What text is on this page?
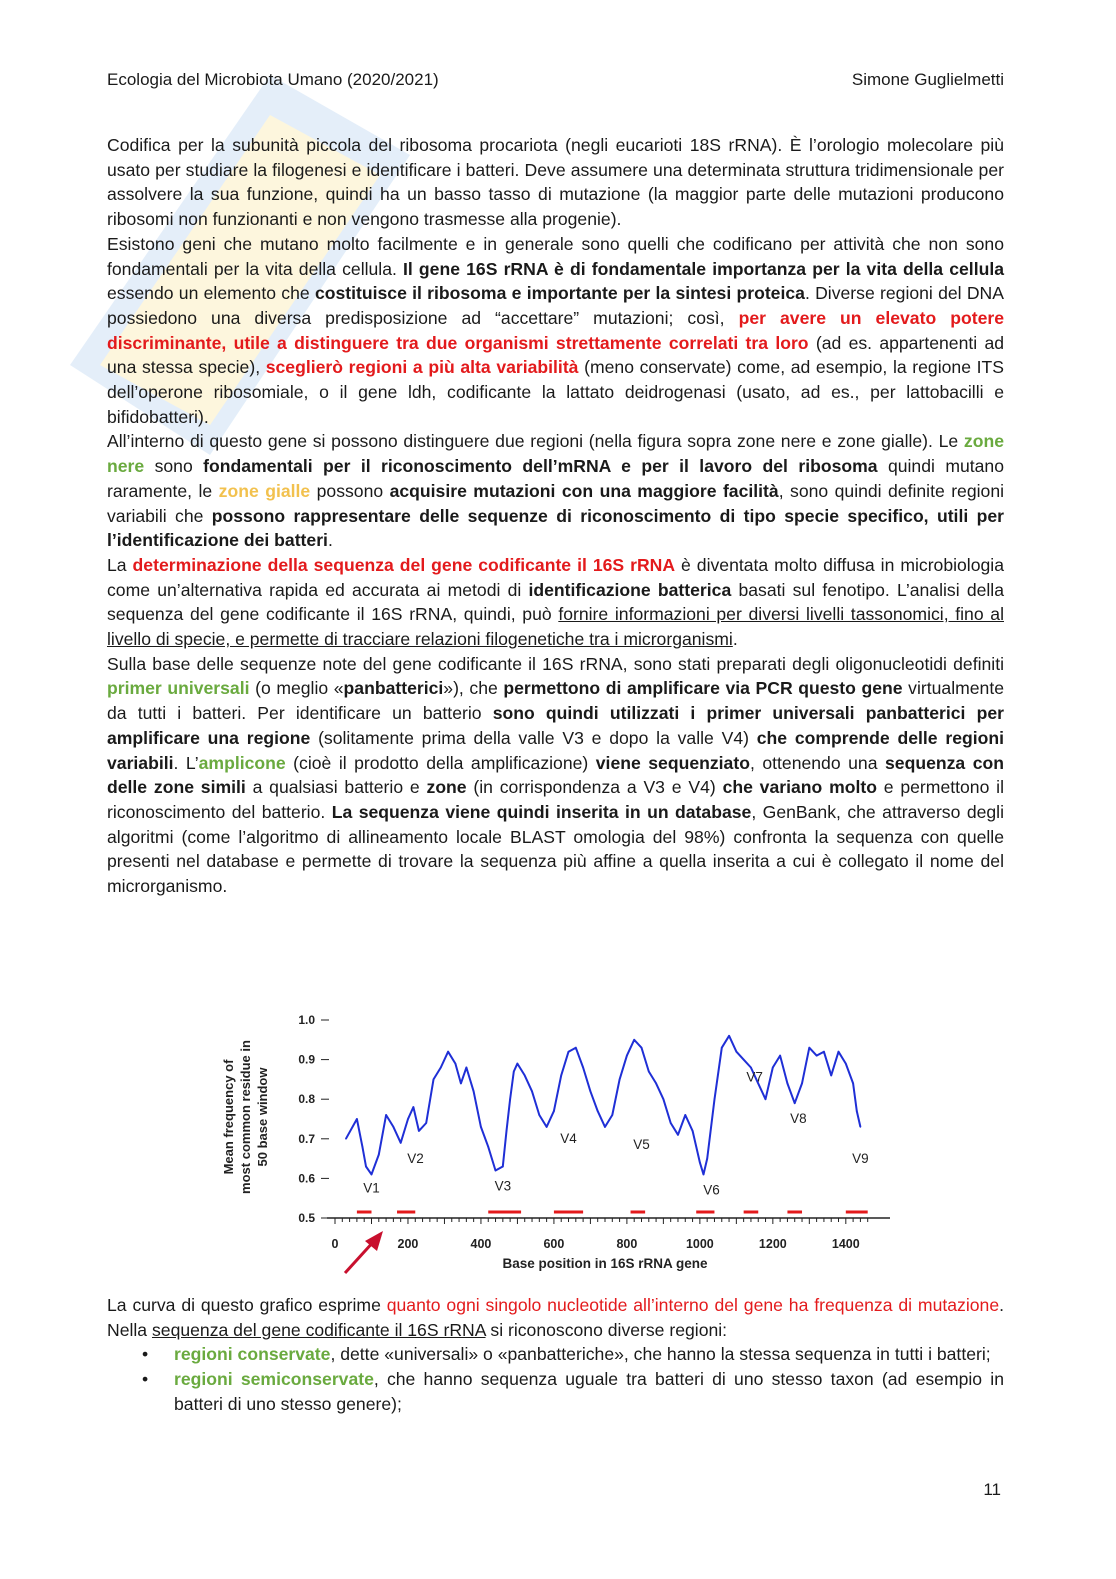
Ecologia del Microbiota Umano (2020/2021)	Simone Guglielmetti

Codifica per la subunità piccola del ribosoma procariota (negli eucarioti 18S rRNA). È l’orologio molecolare più usato per studiare la filogenesi e identificare i batteri. Deve assumere una determinata struttura tridimensionale per assolvere la sua funzione, quindi ha un basso tasso di mutazione (la maggior parte delle mutazioni producono ribosomi non funzionanti e non vengono trasmesse alla progenie).

Esistono geni che mutano molto facilmente e in generale sono quelli che codificano per attività che non sono fondamentali per la vita della cellula. Il gene 16S rRNA è di fondamentale importanza per la vita della cellula essendo un elemento che costituisce il ribosoma e importante per la sintesi proteica. Diverse regioni del DNA possiedono una diversa predisposizione ad “accettare” mutazioni; così, per avere un elevato potere discriminante, utile a distinguere tra due organismi strettamente correlati tra loro (ad es. appartenenti ad una stessa specie), sceglierò regioni a più alta variabilità (meno conservate) come, ad esempio, la regione ITS dell’operone ribosomiale, o il gene ldh, codificante la lattato deidrogenasi (usato, ad es., per lattobacilli e bifidobatteri).

All’interno di questo gene si possono distinguere due regioni (nella figura sopra zone nere e zone gialle). Le zone nere sono fondamentali per il riconoscimento dell’mRNA e per il lavoro del ribosoma quindi mutano raramente, le zone gialle possono acquisire mutazioni con una maggiore facilità, sono quindi definite regioni variabili che possono rappresentare delle sequenze di riconoscimento di tipo specie specifico, utili per l’identificazione dei batteri.

La determinazione della sequenza del gene codificante il 16S rRNA è diventata molto diffusa in microbiologia come un’alternativa rapida ed accurata ai metodi di identificazione batterica basati sul fenotipo. L’analisi della sequenza del gene codificante il 16S rRNA, quindi, può fornire informazioni per diversi livelli tassonomici, fino al livello di specie, e permette di tracciare relazioni filogenetiche tra i microrganismi.

Sulla base delle sequenze note del gene codificante il 16S rRNA, sono stati preparati degli oligonucleotidi definiti primer universali (o meglio «panbatterici»), che permettono di amplificare via PCR questo gene virtualmente da tutti i batteri. Per identificare un batterio sono quindi utilizzati i primer universali panbatterici per amplificare una regione (solitamente prima della valle V3 e dopo la valle V4) che comprende delle regioni variabili. L’amplicone (cioè il prodotto della amplificazione) viene sequenziato, ottenendo una sequenza con delle zone simili a qualsiasi batterio e zone (in corrispondenza a V3 e V4) che variano molto e permettono il riconoscimento del batterio. La sequenza viene quindi inserita in un database, GenBank, che attraverso degli algoritmi (come l’algoritmo di allineamento locale BLAST omologia del 98%) confronta la sequenza con quelle presenti nel database e permette di trovare la sequenza più affine a quella inserita a cui è collegato il nome del microrganismo.

0	200	400	600	800	1000	1200	1400
0.5
0.6
0.7
0.8
0.9
1.0
Base position in 16S rRNA gene
Mean frequency of most common residue in 50 base window
V1
V2
V3
V4	V5
V6
V7
V8
V9

La curva di questo grafico esprime quanto ogni singolo nucleotide all’interno del gene ha frequenza di mutazione. Nella sequenza del gene codificante il 16S rRNA si riconoscono diverse regioni:

• regioni conservate, dette «universali» o «panbatteriche», che hanno la stessa sequenza in tutti i batteri;
• regioni semiconservate, che hanno sequenza uguale tra batteri di uno stesso taxon (ad esempio in batteri di uno stesso genere);
11
